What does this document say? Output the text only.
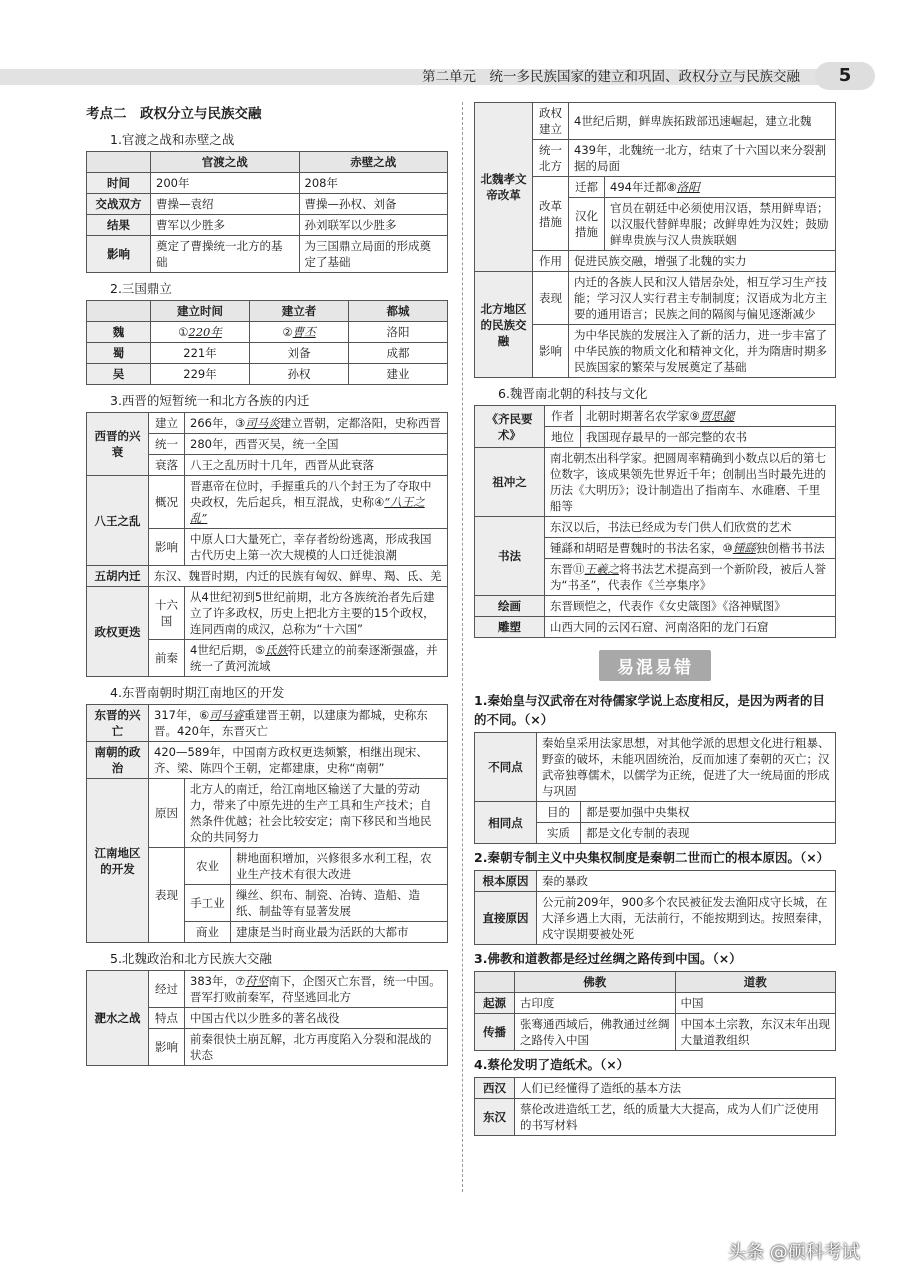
第二单元　统一多民族国家的建立和巩固、政权分立与民族交融	5
考点二　政权分立与民族交融
1.官渡之战和赤壁之战
	官渡之战	赤壁之战
时间	200年	208年
交战双方	曹操—袁绍	曹操—孙权、刘备
结果	曹军以少胜多	孙刘联军以少胜多
影响	奠定了曹操统一北方的基础	为三国鼎立局面的形成奠定了基础
2.三国鼎立
	建立时间	建立者	都城
魏	①220年	②曹丕	洛阳
蜀	221年	刘备	成都
吴	229年	孙权	建业
3.西晋的短暂统一和北方各族的内迁
西晋的兴衰	建立	266年，③司马炎建立晋朝，定都洛阳，史称西晋
	统一	280年，西晋灭吴，统一全国
	衰落	八王之乱历时十几年，西晋从此衰落
八王之乱	概况	晋惠帝在位时，手握重兵的八个封王为了夺取中央政权，先后起兵，相互混战，史称④“八王之乱”
	影响	中原人口大量死亡，幸存者纷纷逃离，形成我国古代历史上第一次大规模的人口迁徙浪潮
五胡内迁	东汉、魏晋时期，内迁的民族有匈奴、鲜卑、羯、氐、羌	
政权更迭	十六国	从4世纪初到5世纪前期，北方各族统治者先后建立了许多政权，历史上把北方主要的15个政权，连同西南的成汉，总称为“十六国”
	前秦	4世纪后期，⑤氐族符氏建立的前秦逐渐强盛，并统一了黄河流域
4.东晋南朝时期江南地区的开发
东晋的兴亡	317年，⑥司马睿重建晋王朝，以建康为都城，史称东晋。420年，东晋灭亡		
南朝的政治	420—589年，中国南方政权更迭频繁，相继出现宋、齐、梁、陈四个王朝，定都建康，史称“南朝”		
江南地区的开发	原因	北方人的南迁，给江南地区输送了大量的劳动力，带来了中原先进的生产工具和生产技术；自然条件优越；社会比较安定；南下移民和当地民众的共同努力	
	表现	农业	耕地面积增加，兴修很多水利工程，农业生产技术有很大改进
		手工业	缫丝、织布、制瓷、冶铸、造船、造纸、制盐等有显著发展
		商业	建康是当时商业最为活跃的大都市
5.北魏政治和北方民族大交融
淝水之战	经过	383年，⑦苻坚南下，企图灭亡东晋，统一中国。晋军打败前秦军，苻坚逃回北方
	特点	中国古代以少胜多的著名战役
	影响	前秦很快土崩瓦解，北方再度陷入分裂和混战的状态
北魏孝文帝改革	政权建立	4世纪后期，鲜卑族拓跋部迅速崛起，建立北魏	
	统一北方	439年，北魏统一北方，结束了十六国以来分裂割据的局面	
	改革措施	迁都	494年迁都⑧洛阳
		汉化措施	官员在朝廷中必须使用汉语，禁用鲜卑语；以汉服代替鲜卑服；改鲜卑姓为汉姓；鼓励鲜卑贵族与汉人贵族联姻
	作用	促进民族交融，增强了北魏的实力	
北方地区的民族交融	表现	内迁的各族人民和汉人错居杂处，相互学习生产技能；学习汉人实行君主专制制度；汉语成为北方主要的通用语言；民族之间的隔阂与偏见逐渐减少	
	影响	为中华民族的发展注入了新的活力，进一步丰富了中华民族的物质文化和精神文化，并为隋唐时期多民族国家的繁荣与发展奠定了基础	
6.魏晋南北朝的科技与文化
《齐民要术》	作者	北朝时期著名农学家⑨贾思勰
	地位	我国现存最早的一部完整的农书
祖冲之	南北朝杰出科学家。把圆周率精确到小数点以后的第七位数字，该成果领先世界近千年；创制出当时最先进的历法《大明历》；设计制造出了指南车、水碓磨、千里船等	
书法	东汉以后，书法已经成为专门供人们欣赏的艺术	
	锺繇和胡昭是曹魏时的书法名家，⑩锺繇独创楷书书法	
	东晋⑪王羲之将书法艺术提高到一个新阶段，被后人誉为“书圣”，代表作《兰亭集序》	
绘画	东晋顾恺之，代表作《女史箴图》《洛神赋图》	
雕塑	山西大同的云冈石窟、河南洛阳的龙门石窟	
易混易错
1.秦始皇与汉武帝在对待儒家学说上态度相反，是因为两者的目的不同。（×）
不同点	秦始皇采用法家思想，对其他学派的思想文化进行粗暴、野蛮的破坏，未能巩固统治，反而加速了秦朝的灭亡；汉武帝独尊儒术，以儒学为正统，促进了大一统局面的形成与巩固	
相同点	目的	都是要加强中央集权
	实质	都是文化专制的表现
2.秦朝专制主义中央集权制度是秦朝二世而亡的根本原因。（×）
根本原因	秦的暴政
直接原因	公元前209年，900多个农民被征发去渔阳戍守长城，在大泽乡遇上大雨，无法前行，不能按期到达。按照秦律，戍守误期要被处死
3.佛教和道教都是经过丝绸之路传到中国。（×）
	佛教	道教
起源	古印度	中国
传播	张骞通西域后，佛教通过丝绸之路传入中国	中国本土宗教，东汉末年出现大量道教组织
4.蔡伦发明了造纸术。（×）
西汉	人们已经懂得了造纸的基本方法
东汉	蔡伦改进造纸工艺，纸的质量大大提高，成为人们广泛使用的书写材料
头条 @硕科考试
